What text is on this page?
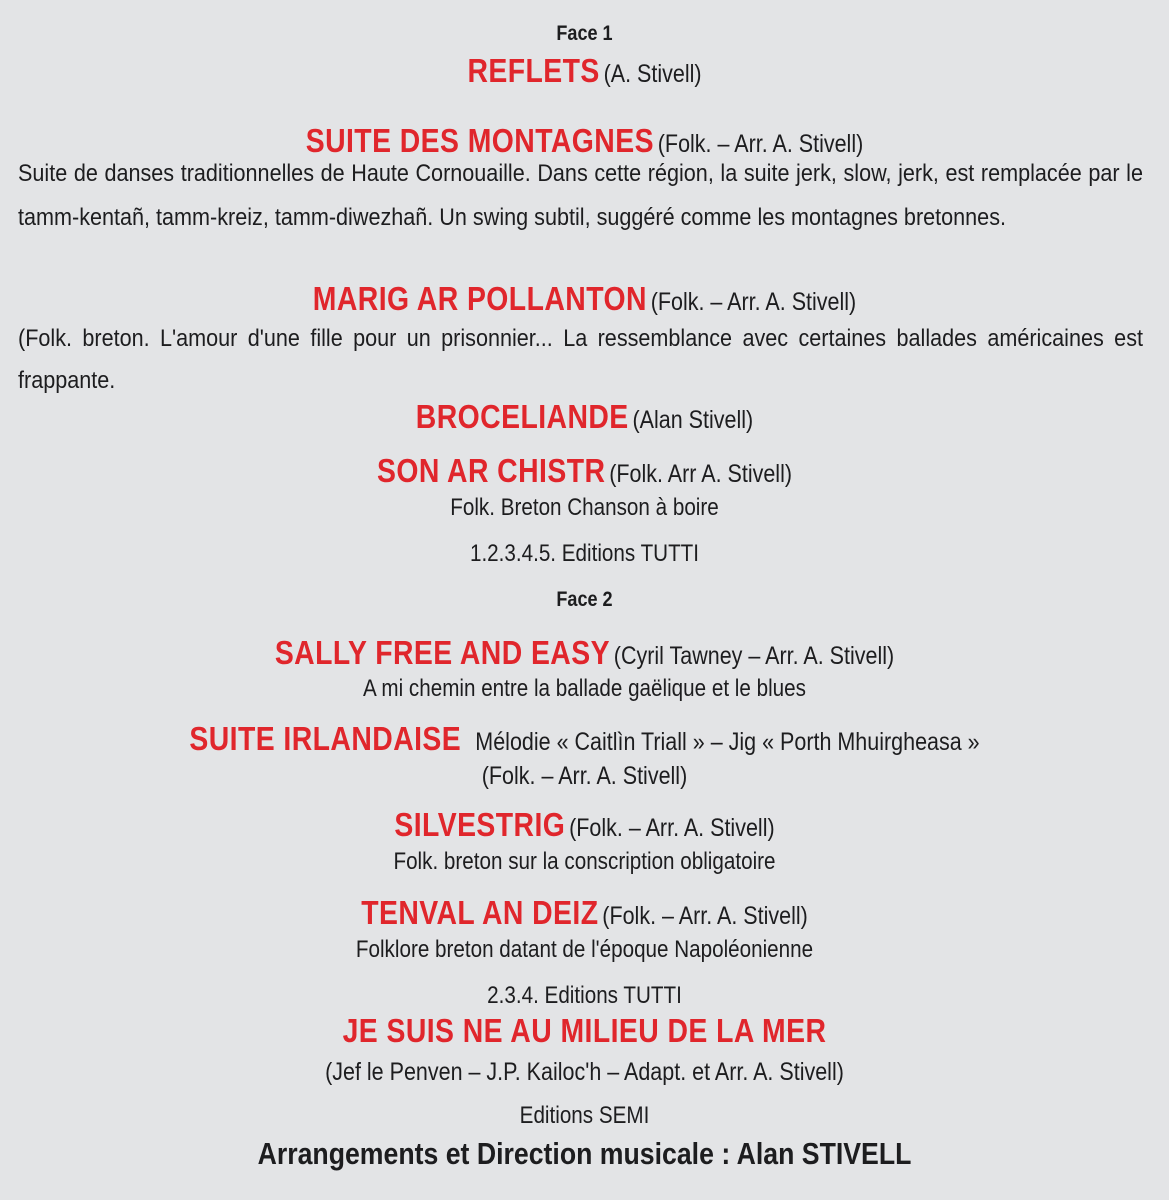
Face 1
REFLETS (A. Stivell)
SUITE DES MONTAGNES (Folk. – Arr. A. Stivell)
Suite de danses traditionnelles de Haute Cornouaille. Dans cette région, la suite jerk, slow, jerk, est remplacée par le tamm-kentañ, tamm-kreiz, tamm-diwezhañ. Un swing subtil, suggéré comme les montagnes bretonnes.
MARIG AR POLLANTON (Folk. – Arr. A. Stivell)
(Folk. breton. L'amour d'une fille pour un prisonnier... La ressemblance avec certaines ballades américaines est frappante.
BROCELIANDE (Alan Stivell)
SON AR CHISTR (Folk. Arr A. Stivell)
Folk. Breton Chanson à boire
1.2.3.4.5. Editions TUTTI
Face 2
SALLY FREE AND EASY (Cyril Tawney – Arr. A. Stivell)
A mi chemin entre la ballade gaëlique et le blues
SUITE IRLANDAISE Mélodie « Caitlìn Triall » – Jig « Porth Mhuirgheasa »
(Folk. – Arr. A. Stivell)
SILVESTRIG (Folk. – Arr. A. Stivell)
Folk. breton sur la conscription obligatoire
TENVAL AN DEIZ (Folk. – Arr. A. Stivell)
Folklore breton datant de l'époque Napoléonienne
2.3.4. Editions TUTTI
JE SUIS NE AU MILIEU DE LA MER
(Jef le Penven – J.P. Kailoc'h – Adapt. et Arr. A. Stivell)
Editions SEMI
Arrangements et Direction musicale : Alan STIVELL
